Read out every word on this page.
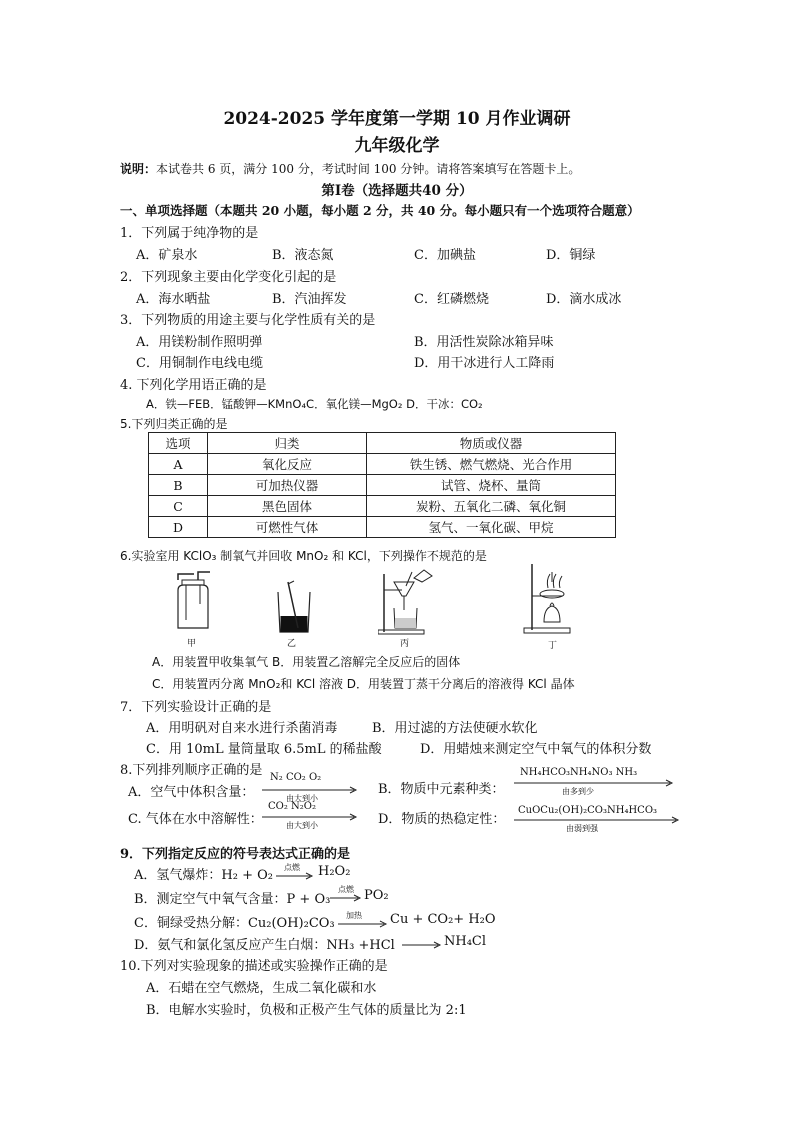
2024-2025 学年度第一学期 10 月作业调研
九年级化学
说明：本试卷共 6 页，满分 100 分，考试时间 100 分钟。请将答案填写在答题卡上。
第Ⅰ卷（选择题共40 分）
一、单项选择题（本题共 20 小题，每小题 2 分，共 40 分。每小题只有一个选项符合题意）
1．下列属于纯净物的是
A．矿泉水	B．液态氮	C．加碘盐	D．铜绿
2．下列现象主要由化学变化引起的是
A．海水晒盐	B．汽油挥发	C．红磷燃烧	D．滴水成冰
3．下列物质的用途主要与化学性质有关的是
A．用镁粉制作照明弹	B．用活性炭除冰箱异味
C．用铜制作电线电缆	D．用干冰进行人工降雨
4. 下列化学用语正确的是
A．铁—FEB．锰酸钾—KMnO₄C．氧化镁—MgO₂ D．干冰：CO₂
5.下列归类正确的是
选项	归类	物质或仪器
A	氧化反应	铁生锈、燃气燃烧、光合作用
B	可加热仪器	试管、烧杯、量筒
C	黑色固体	炭粉、五氧化二磷、氧化铜
D	可燃性气体	氢气、一氧化碳、甲烷
6.实验室用 KClO₃ 制氧气并回收 MnO₂ 和 KCl，下列操作不规范的是
甲	乙	丙	丁
A．用装置甲收集氧气 B．用装置乙溶解完全反应后的固体
C．用装置丙分离 MnO₂和 KCl 溶液 D．用装置丁蒸干分离后的溶液得 KCl 晶体
7．下列实验设计正确的是
A．用明矾对自来水进行杀菌消毒	B．用过滤的方法使硬水软化
C．用 10mL 量筒量取 6.5mL 的稀盐酸	D．用蜡烛来测定空气中氧气的体积分数
8.下列排列顺序正确的是
A．空气中体积含量：
N₂ CO₂ O₂
由大到小
B．物质中元素种类：
NH₄HCO₃NH₄NO₃ NH₃
由多到少
C. 气体在水中溶解性：
CO₂ N₂O₂
由大到小	D．物质的热稳定性：
CuOCu₂(OH)₂CO₃NH₄HCO₃
由弱到强
9．下列指定反应的符号表达式正确的是
A．氢气爆炸：H₂ + O₂
点燃 H₂O₂
B．测定空气中氧气含量：P + O₃
点燃 PO₂
C．铜绿受热分解：Cu₂(OH)₂CO₃
加热 Cu + CO₂+ H₂O
D．氨气和氯化氢反应产生白烟：NH₃ +HCl	NH₄Cl
10.下列对实验现象的描述或实验操作正确的是
A．石蜡在空气燃烧，生成二氧化碳和水
B．电解水实验时，负极和正极产生气体的质量比为 2:1
